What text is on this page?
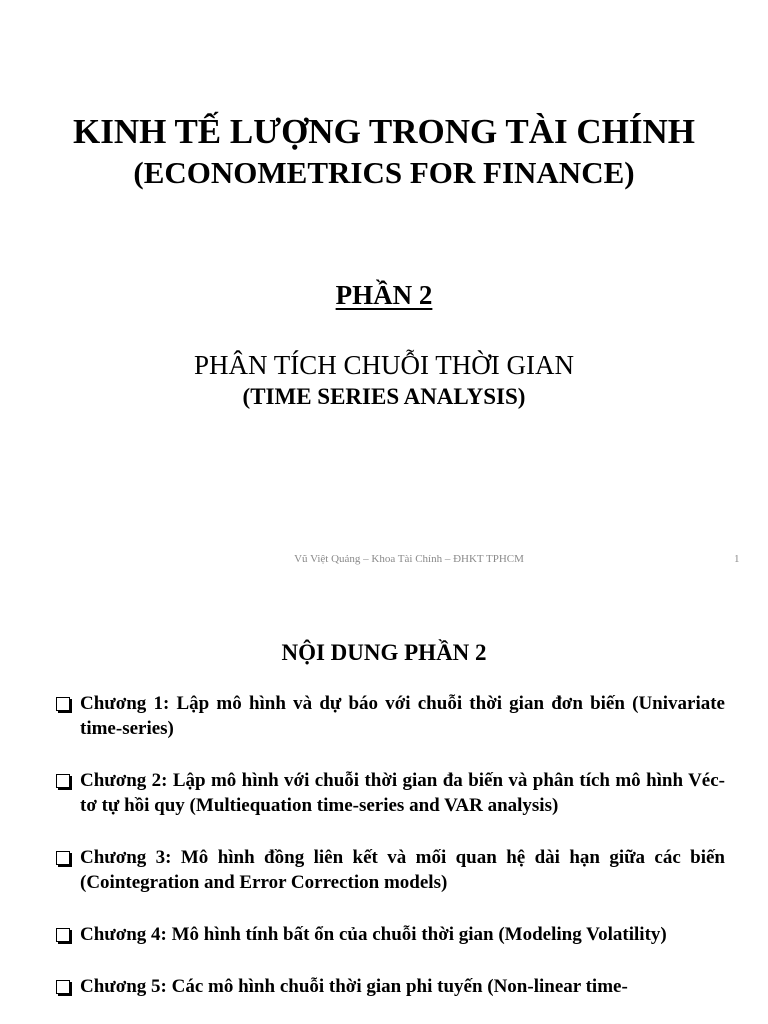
KINH TẾ LƯỢNG TRONG TÀI CHÍNH
(ECONOMETRICS FOR FINANCE)
PHẦN 2
PHÂN TÍCH CHUỖI THỜI GIAN
(TIME SERIES ANALYSIS)
Vũ Việt Quảng – Khoa Tài Chính – ĐHKT TPHCM	1
NỘI DUNG PHẦN 2
Chương 1: Lập mô hình và dự báo với chuỗi thời gian đơn biến (Univariate time-series)
Chương 2: Lập mô hình với chuỗi thời gian đa biến và phân tích mô hình Véc-tơ tự hồi quy (Multiequation time-series and VAR analysis)
Chương 3: Mô hình đồng liên kết và mối quan hệ dài hạn giữa các biến (Cointegration and Error Correction models)
Chương 4: Mô hình tính bất ổn của chuỗi thời gian (Modeling Volatility)
Chương 5: Các mô hình chuỗi thời gian phi tuyến (Non-linear time-
